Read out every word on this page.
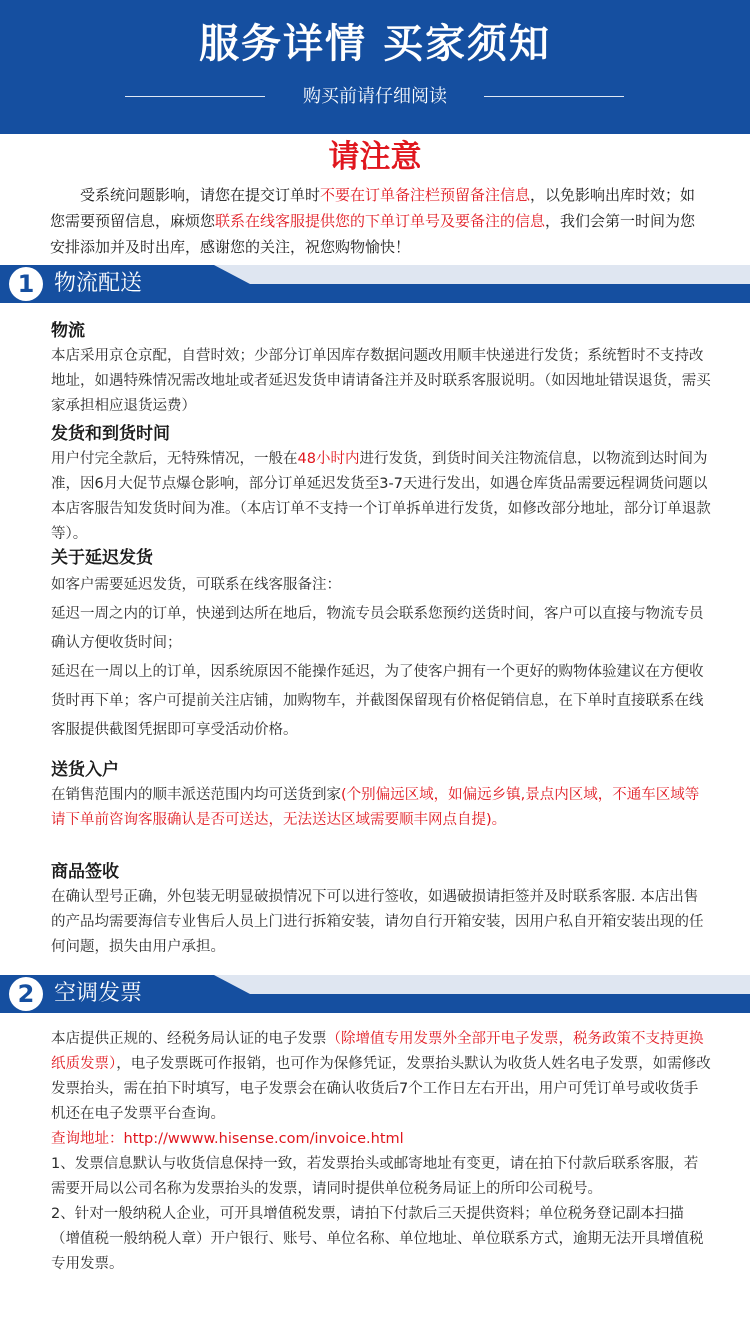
服务详情 买家须知
购买前请仔细阅读
请注意
受系统问题影响，请您在提交订单时不要在订单备注栏预留备注信息，以免影响出库时效；如您需要预留信息，麻烦您联系在线客服提供您的下单订单号及要备注的信息，我们会第一时间为您安排添加并及时出库，感谢您的关注，祝您购物愉快！
1 物流配送
物流
本店采用京仓京配，自营时效；少部分订单因库存数据问题改用顺丰快递进行发货；系统暂时不支持改地址，如遇特殊情况需改地址或者延迟发货申请请备注并及时联系客服说明。（如因地址错误退货，需买家承担相应退货运费）
发货和到货时间
用户付完全款后，无特殊情况，一般在48小时内进行发货，到货时间关注物流信息，以物流到达时间为准，因6月大促节点爆仓影响，部分订单延迟发货至3-7天进行发出，如遇仓库货品需要远程调货问题以本店客服告知发货时间为准。（本店订单不支持一个订单拆单进行发货，如修改部分地址，部分订单退款等）。
关于延迟发货
如客户需要延迟发货，可联系在线客服备注：
延迟一周之内的订单，快递到达所在地后，物流专员会联系您预约送货时间，客户可以直接与物流专员确认方便收货时间；
延迟在一周以上的订单，因系统原因不能操作延迟，为了使客户拥有一个更好的购物体验建议在方便收货时再下单；客户可提前关注店铺，加购物车，并截图保留现有价格促销信息，在下单时直接联系在线客服提供截图凭据即可享受活动价格。
送货入户
在销售范围内的顺丰派送范围内均可送货到家(个别偏远区域，如偏远乡镇,景点内区域，不通车区域等请下单前咨询客服确认是否可送达，无法送达区域需要顺丰网点自提)。
商品签收
在确认型号正确，外包装无明显破损情况下可以进行签收，如遇破损请拒签并及时联系客服. 本店出售的产品均需要海信专业售后人员上门进行拆箱安装，请勿自行开箱安装，因用户私自开箱安装出现的任何问题，损失由用户承担。
2 空调发票
本店提供正规的、经税务局认证的电子发票（除增值专用发票外全部开电子发票，税务政策不支持更换纸质发票），电子发票既可作报销，也可作为保修凭证，发票抬头默认为收货人姓名电子发票，如需修改发票抬头，需在拍下时填写，电子发票会在确认收货后7个工作日左右开出，用户可凭订单号或收货手机还在电子发票平台查询。
查询地址：http://wwww.hisense.com/invoice.html
1、发票信息默认与收货信息保持一致，若发票抬头或邮寄地址有变更，请在拍下付款后联系客服，若需要开局以公司名称为发票抬头的发票，请同时提供单位税务局证上的所印公司税号。
2、针对一般纳税人企业，可开具增值税发票，请拍下付款后三天提供资料；单位税务登记副本扫描（增值税一般纳税人章）开户银行、账号、单位名称、单位地址、单位联系方式，逾期无法开具增值税专用发票。
